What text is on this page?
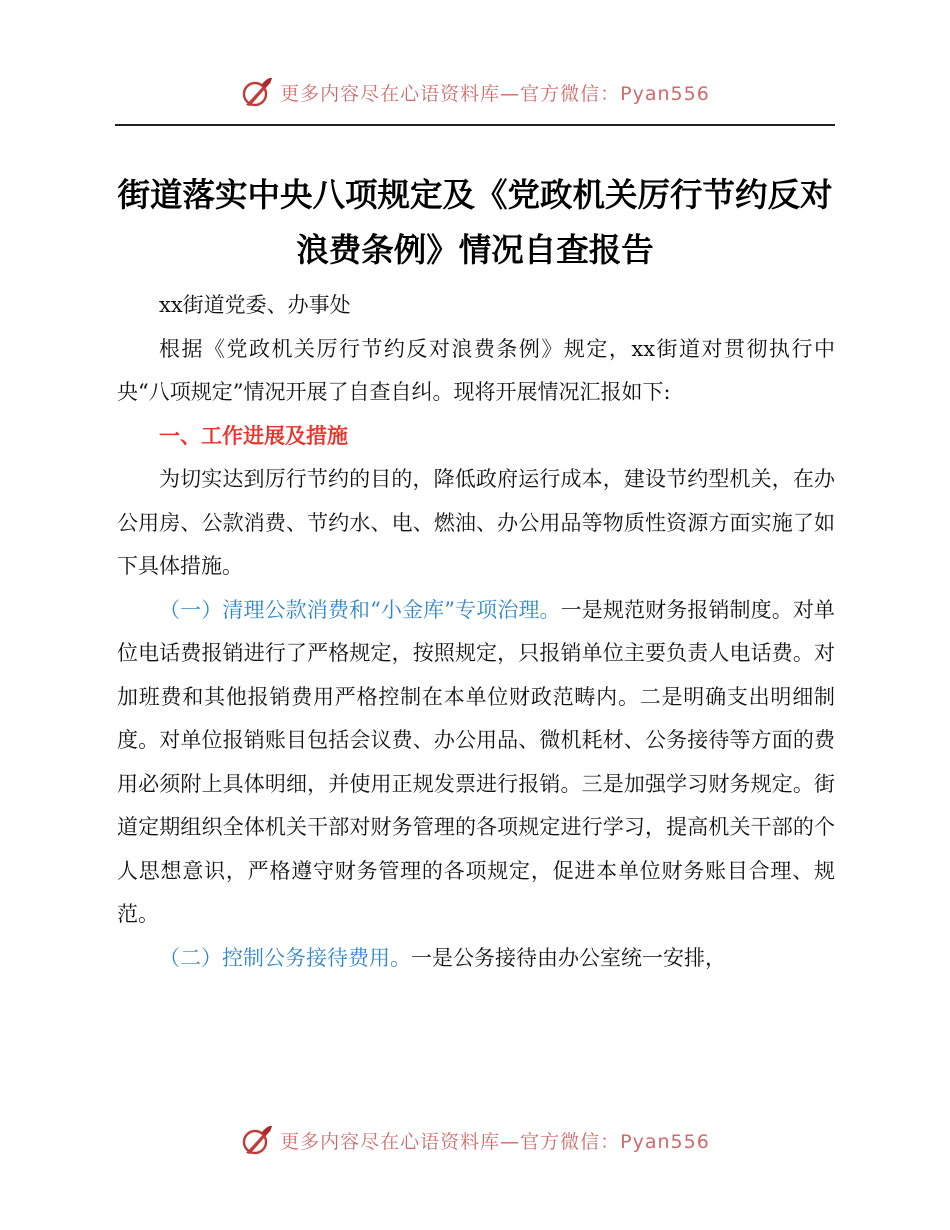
更多内容尽在心语资料库—官方微信：Pyan556
街道落实中央八项规定及《党政机关厉行节约反对浪费条例》情况自查报告

xx街道党委、办事处

根据《党政机关厉行节约反对浪费条例》规定，xx街道对贯彻执行中央“八项规定”情况开展了自查自纠。现将开展情况汇报如下:

一、工作进展及措施

为切实达到厉行节约的目的，降低政府运行成本，建设节约型机关，在办公用房、公款消费、节约水、电、燃油、办公用品等物质性资源方面实施了如下具体措施。

（一）清理公款消费和“小金库”专项治理。一是规范财务报销制度。对单位电话费报销进行了严格规定，按照规定，只报销单位主要负责人电话费。对加班费和其他报销费用严格控制在本单位财政范畴内。二是明确支出明细制度。对单位报销账目包括会议费、办公用品、微机耗材、公务接待等方面的费用必须附上具体明细，并使用正规发票进行报销。三是加强学习财务规定。街道定期组织全体机关干部对财务管理的各项规定进行学习，提高机关干部的个人思想意识，严格遵守财务管理的各项规定，促进本单位财务账目合理、规范。

（二）控制公务接待费用。一是公务接待由办公室统一安排，

更多内容尽在心语资料库—官方微信：Pyan556
